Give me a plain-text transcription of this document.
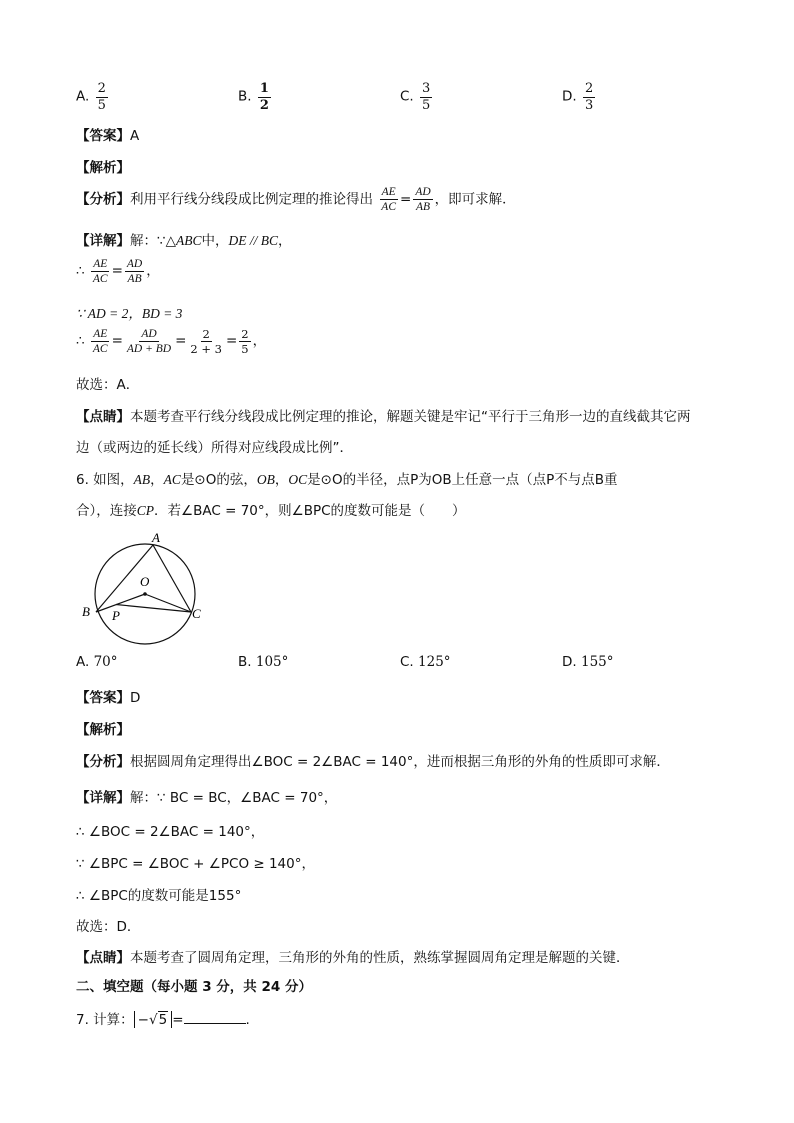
A. $\frac{2}{5}$	B. $\frac{1}{2}$	C. $\frac{3}{5}$	D. $\frac{2}{3}$
【答案】A
【解析】
【分析】利用平行线分线段成比例定理的推论得出 $\frac{AE}{AC} = \frac{AD}{AB}$ ，即可求解．
【详解】解：∵△ABC中，DE // BC，
∴ $\frac{AE}{AC} = \frac{AD}{AB}$ ，
∵ AD = 2，BD = 3
∴ $\frac{AE}{AC} = \frac{AD}{AD + BD} = \frac{2}{2 + 3} = \frac{2}{5}$ ，
故选：A．
【点睛】本题考查平行线分线段成比例定理的推论，解题关键是牢记“平行于三角形一边的直线截其它两
边（或两边的延长线）所得对应线段成比例”．
6. 如图，AB，AC是⊙O的弦，OB，OC是⊙O的半径，点P为OB上任意一点（点P不与点B重
合），连接CP．若∠BAC = 70°，则∠BPC的度数可能是（　　）
A
O
B P	C
A. 70°	B. 105°	C. 125°	D. 155°
【答案】D
【解析】
【分析】根据圆周角定理得出∠BOC = 2∠BAC = 140°，进而根据三角形的外角的性质即可求解．
【详解】解：∵ BC = BC，∠BAC = 70°，
∴ ∠BOC = 2∠BAC = 140°，
∵ ∠BPC = ∠BOC + ∠PCO ≥ 140°，
∴ ∠BPC的度数可能是155°
故选：D．
【点睛】本题考查了圆周角定理，三角形的外角的性质，熟练掌握圆周角定理是解题的关键．
二、填空题（每小题 3 分，共 24 分）
7. 计算： −√5 =	.
